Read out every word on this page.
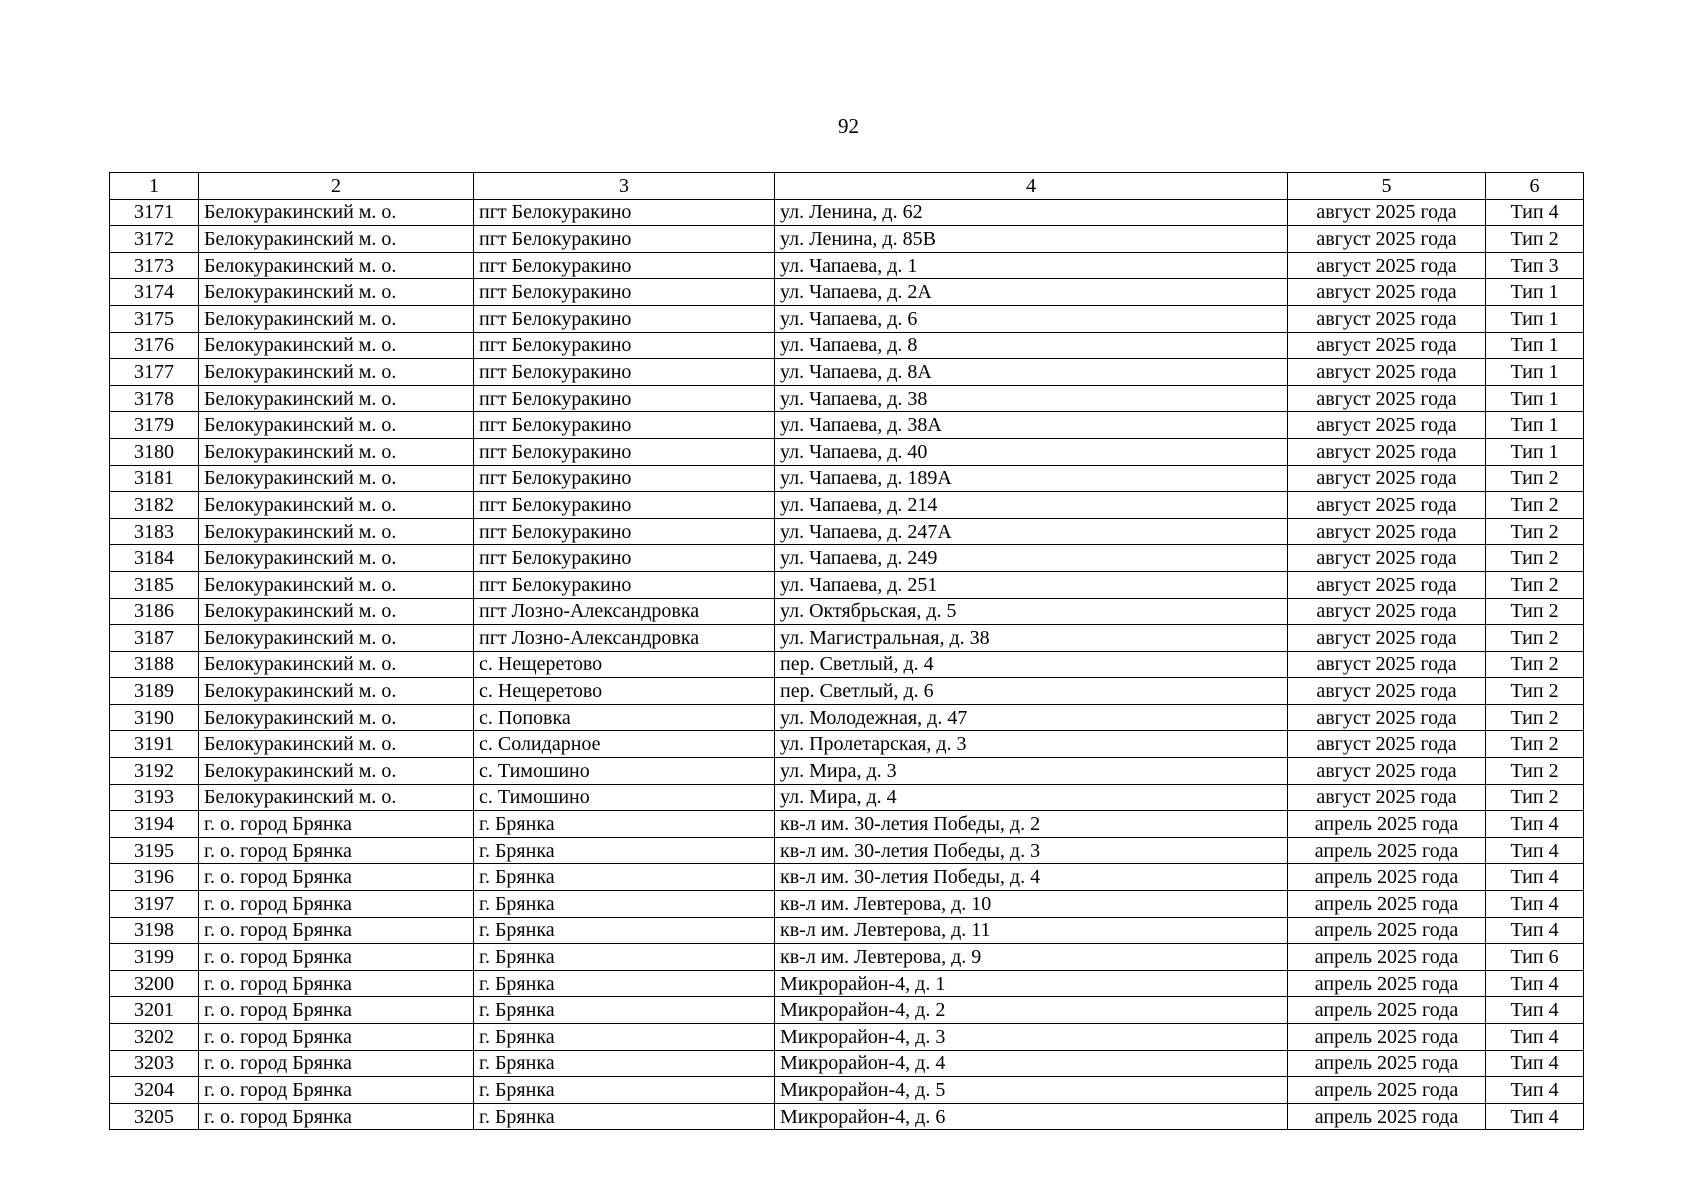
92
1	2	3	4	5	6
3171	Белокуракинский м. о.	пгт Белокуракино	ул. Ленина, д. 62	август 2025 года	Тип 4
3172	Белокуракинский м. о.	пгт Белокуракино	ул. Ленина, д. 85В	август 2025 года	Тип 2
3173	Белокуракинский м. о.	пгт Белокуракино	ул. Чапаева, д. 1	август 2025 года	Тип 3
3174	Белокуракинский м. о.	пгт Белокуракино	ул. Чапаева, д. 2А	август 2025 года	Тип 1
3175	Белокуракинский м. о.	пгт Белокуракино	ул. Чапаева, д. 6	август 2025 года	Тип 1
3176	Белокуракинский м. о.	пгт Белокуракино	ул. Чапаева, д. 8	август 2025 года	Тип 1
3177	Белокуракинский м. о.	пгт Белокуракино	ул. Чапаева, д. 8А	август 2025 года	Тип 1
3178	Белокуракинский м. о.	пгт Белокуракино	ул. Чапаева, д. 38	август 2025 года	Тип 1
3179	Белокуракинский м. о.	пгт Белокуракино	ул. Чапаева, д. 38А	август 2025 года	Тип 1
3180	Белокуракинский м. о.	пгт Белокуракино	ул. Чапаева, д. 40	август 2025 года	Тип 1
3181	Белокуракинский м. о.	пгт Белокуракино	ул. Чапаева, д. 189А	август 2025 года	Тип 2
3182	Белокуракинский м. о.	пгт Белокуракино	ул. Чапаева, д. 214	август 2025 года	Тип 2
3183	Белокуракинский м. о.	пгт Белокуракино	ул. Чапаева, д. 247А	август 2025 года	Тип 2
3184	Белокуракинский м. о.	пгт Белокуракино	ул. Чапаева, д. 249	август 2025 года	Тип 2
3185	Белокуракинский м. о.	пгт Белокуракино	ул. Чапаева, д. 251	август 2025 года	Тип 2
3186	Белокуракинский м. о.	пгт Лозно-Александровка	ул. Октябрьская, д. 5	август 2025 года	Тип 2
3187	Белокуракинский м. о.	пгт Лозно-Александровка	ул. Магистральная, д. 38	август 2025 года	Тип 2
3188	Белокуракинский м. о.	с. Нещеретово	пер. Светлый, д. 4	август 2025 года	Тип 2
3189	Белокуракинский м. о.	с. Нещеретово	пер. Светлый, д. 6	август 2025 года	Тип 2
3190	Белокуракинский м. о.	с. Поповка	ул. Молодежная, д. 47	август 2025 года	Тип 2
3191	Белокуракинский м. о.	с. Солидарное	ул. Пролетарская, д. 3	август 2025 года	Тип 2
3192	Белокуракинский м. о.	с. Тимошино	ул. Мира, д. 3	август 2025 года	Тип 2
3193	Белокуракинский м. о.	с. Тимошино	ул. Мира, д. 4	август 2025 года	Тип 2
3194	г. о. город Брянка	г. Брянка	кв-л им. 30-летия Победы, д. 2	апрель 2025 года	Тип 4
3195	г. о. город Брянка	г. Брянка	кв-л им. 30-летия Победы, д. 3	апрель 2025 года	Тип 4
3196	г. о. город Брянка	г. Брянка	кв-л им. 30-летия Победы, д. 4	апрель 2025 года	Тип 4
3197	г. о. город Брянка	г. Брянка	кв-л им. Левтерова, д. 10	апрель 2025 года	Тип 4
3198	г. о. город Брянка	г. Брянка	кв-л им. Левтерова, д. 11	апрель 2025 года	Тип 4
3199	г. о. город Брянка	г. Брянка	кв-л им. Левтерова, д. 9	апрель 2025 года	Тип 6
3200	г. о. город Брянка	г. Брянка	Микрорайон-4, д. 1	апрель 2025 года	Тип 4
3201	г. о. город Брянка	г. Брянка	Микрорайон-4, д. 2	апрель 2025 года	Тип 4
3202	г. о. город Брянка	г. Брянка	Микрорайон-4, д. 3	апрель 2025 года	Тип 4
3203	г. о. город Брянка	г. Брянка	Микрорайон-4, д. 4	апрель 2025 года	Тип 4
3204	г. о. город Брянка	г. Брянка	Микрорайон-4, д. 5	апрель 2025 года	Тип 4
3205	г. о. город Брянка	г. Брянка	Микрорайон-4, д. 6	апрель 2025 года	Тип 4
